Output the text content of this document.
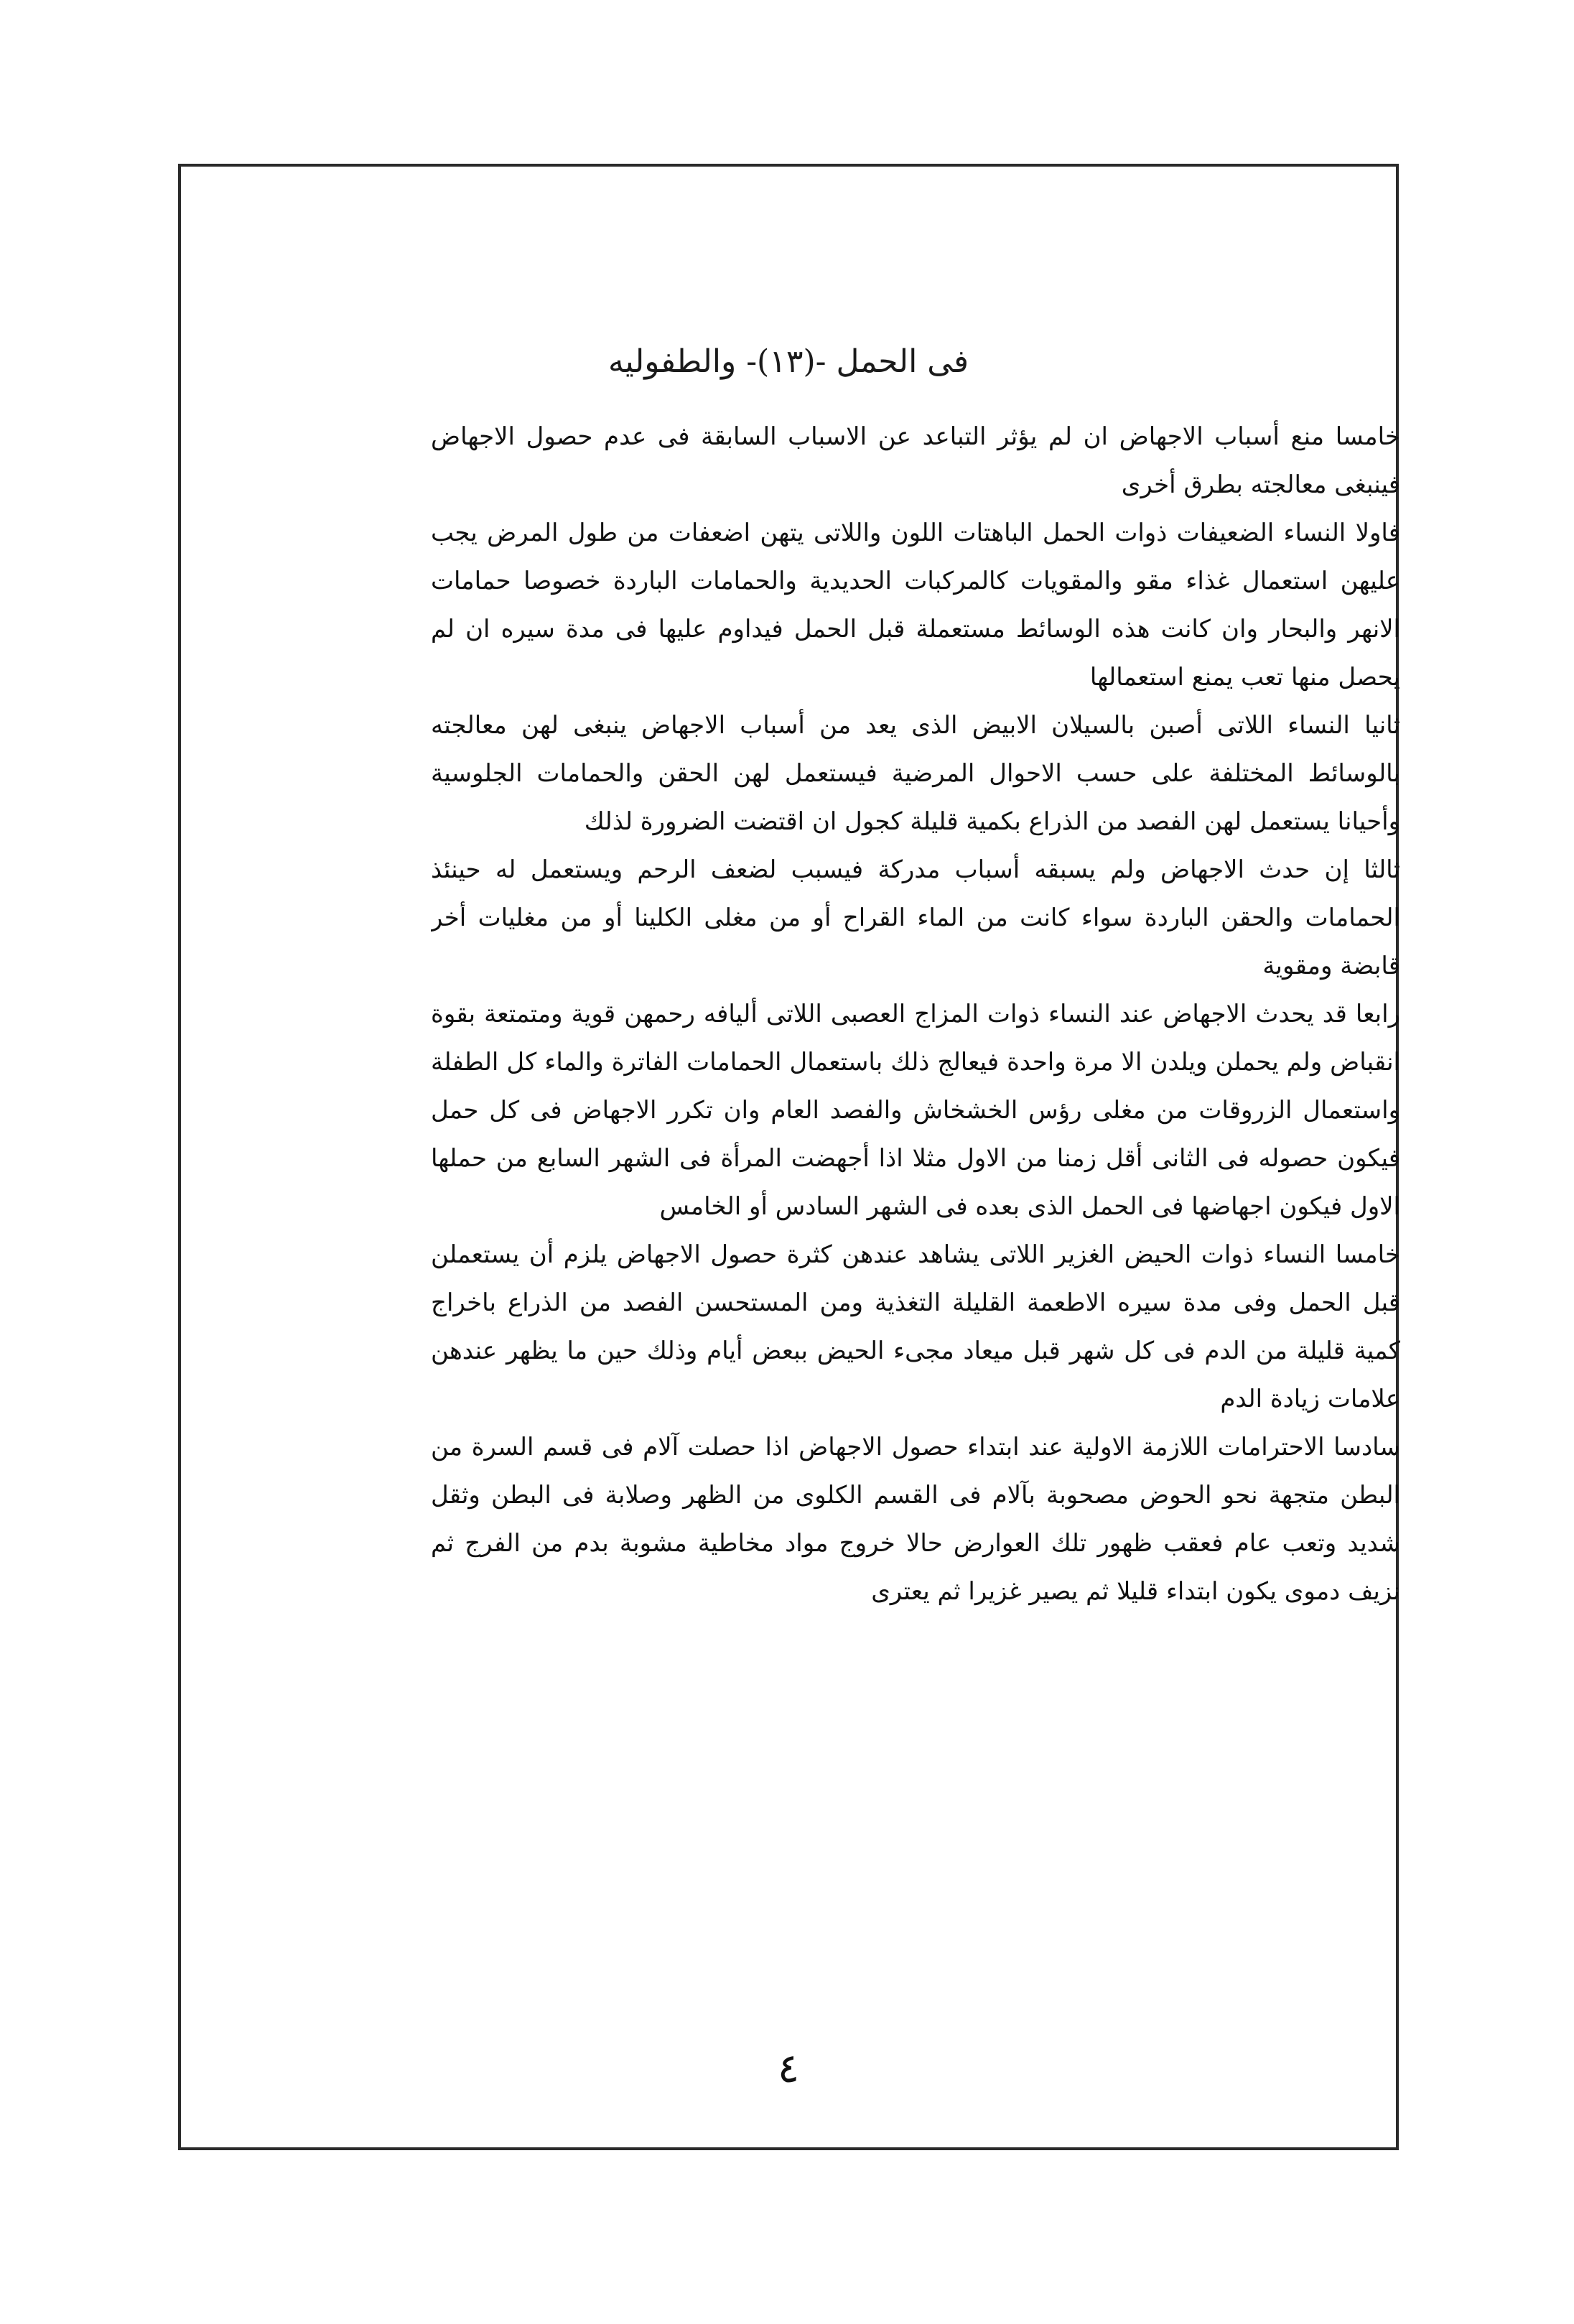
فى الحمل -(١٣)- والطفوليه

خامسا منع أسباب الاجهاض ان لم يؤثر التباعد عن الاسباب السابقة فى عدم حصول الاجهاض فينبغى معالجته بطرق أخرى

فاولا النساء الضعيفات ذوات الحمل الباهتات اللون واللاتى يتهن اضعفات من طول المرض يجب عليهن استعمال غذاء مقو والمقويات كالمركبات الحديدية والحمامات الباردة خصوصا حمامات الانهر والبحار وان كانت هذه الوسائط مستعملة قبل الحمل فيداوم عليها فى مدة سيره ان لم يحصل منها تعب يمنع استعمالها

ثانيا النساء اللاتى أصبن بالسيلان الابيض الذى يعد من أسباب الاجهاض ينبغى لهن معالجته بالوسائط المختلفة على حسب الاحوال المرضية فيستعمل لهن الحقن والحمامات الجلوسية وأحيانا يستعمل لهن الفصد من الذراع بكمية قليلة كجول ان اقتضت الضرورة لذلك

ثالثا إن حدث الاجهاض ولم يسبقه أسباب مدركة فيسبب لضعف الرحم ويستعمل له حينئذ الحمامات والحقن الباردة سواء كانت من الماء القراح أو من مغلى الكلينا أو من مغليات أخر قابضة ومقوية

رابعا قد يحدث الاجهاض عند النساء ذوات المزاج العصبى اللاتى أليافه رحمهن قوية ومتمتعة بقوة انقباض ولم يحملن ويلدن الا مرة واحدة فيعالج ذلك باستعمال الحمامات الفاترة والماء كل الطفلة واستعمال الزروقات من مغلى رؤس الخشخاش والفصد العام وان تكرر الاجهاض فى كل حمل فيكون حصوله فى الثانى أقل زمنا من الاول مثلا اذا أجهضت المرأة فى الشهر السابع من حملها الاول فيكون اجهاضها فى الحمل الذى بعده فى الشهر السادس أو الخامس

خامسا النساء ذوات الحيض الغزير اللاتى يشاهد عندهن كثرة حصول الاجهاض يلزم أن يستعملن قبل الحمل وفى مدة سيره الاطعمة القليلة التغذية ومن المستحسن الفصد من الذراع باخراج كمية قليلة من الدم فى كل شهر قبل ميعاد مجىء الحيض ببعض أيام وذلك حين ما يظهر عندهن علامات زيادة الدم

سادسا الاحترامات اللازمة الاولية عند ابتداء حصول الاجهاض اذا حصلت آلام فى قسم السرة من البطن متجهة نحو الحوض مصحوبة بآلام فى القسم الكلوى من الظهر وصلابة فى البطن وثقل شديد وتعب عام فعقب ظهور تلك العوارض حالا خروج مواد مخاطية مشوبة بدم من الفرج ثم نزيف دموى يكون ابتداء قليلا ثم يصير غزيرا ثم يعترى

٤
